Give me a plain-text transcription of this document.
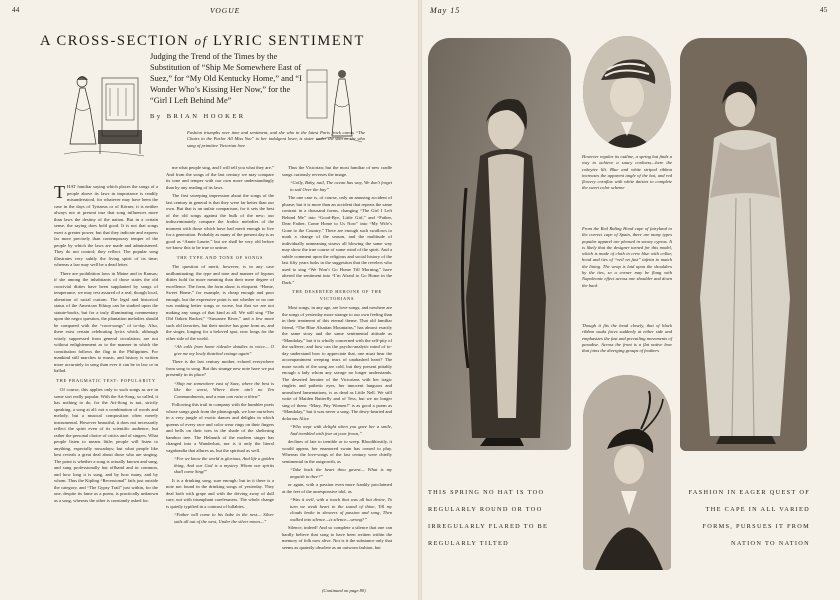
44	VOGUE
A CROSS-SECTION of LYRIC SENTIMENT
Judging the Trend of the Times by the Substitution of “Ship Me Somewhere East of Suez,” for “My Old Kentucky Home,” and “I Wonder Who’s Kissing Her Now,” for the “Girl I Left Behind Me”
By BRIAN HOOKER
Fashion triumphs over time and sentiment, and she who in the latest Paris frock carols “The Chairs in the Parlor All Miss You” to her indulgent lover, is sister under the skin to she who sang of primitive Victorian love

THAT familiar saying which places the songs of a people above its laws in importance is readily misunderstood, for whatever may have been the case in the days of Tyrtaeus or of Körner, it is neither always nor at present true that song influences more than laws the destiny of the nation. But in a certain sense, the saying does hold good. It is not that songs exert a greater power, but that they indicate and express far more precisely than contemporary temper of the people by which the laws are made and administered. They do not control; they reflect. The popular song illustrates very subtly the living spirit of its time; whereas a law may well be a dead letter.

There are prohibition laws in Maine and in Kansas; if she among the inhabitants of those states the old convivial ditties have been supplanted by songs of temperance, we may rest assured of a real, though local, alteration of racial custom. The legal and historical status of the American Ethiop can be studied upon the statute-books, but for a truly illuminating commentary upon the negro question, the plantation melodies should be compared with the “coon-songs” of to-day. Also, there exist certain celebrating lyrics which, although wisely suppressed from general circulation, are not without enlightenment as to the manner in which the constitution follows the flag in the Philippines. For mankind still marches to music, and history is written more accurately in song than ever it can be in law or in ballad.

THE PRAGMATIC TEST: POPULARITY

Of course, this applies only to such songs as are in some sort really popular. With the Art-Song, so called, it has nothing to do, for the Art-Song is not, strictly speaking, a song at all: not a combination of words and melody, but a musical composition often merely instrumental. However beautiful, it does not necessarily reflect the spirit even of its scientific audience, but rather the personal choice of critics and of singers. What people listen to means little; people will listen to anything, especially nowadays; but what people like best reveals a great deal about those who are singing. The point is whether a song is actually known and sung, and sung professionally but offhand and in common, and how long it is sung, and by how many, and by whom. Thus the Kipling “Recessional” fails just outside the category, and “The Gypsy Trail” just within, for the one, despite its fame as a poem, is practically unknown as a song, whereas the other is constantly asked for.

me what people sing, and I will tell you what they are.” And from the songs of the last century we may compare its tone and temper with our own more understandingly than by any reading of its laws.

The first sweeping impression about the songs of the last century in general is that they were far better than our own. But that is an unfair comparison, for it sets the best of the old songs against the bulk of the new; our indiscriminately compare the frothic melodies of the moment with those which have had merit enough to live for a generation. Probably as many of the present day is as good as “Annie Laurie,” but we shall be very old before we know this to be true or untrue.

THE TYPE AND TONE OF SONGS

The question of merit, however, is in any case unilluminating; the type and tone and manner of hypnos ditties hold far more meaning than their mere degree of excellence. The form, the form alone, is eloquent. “Home, Sweet Home,” for example, is cheap enough and poor enough, but the expressive point is not whether or no one was making better songs or worse, but that we are not making any songs of that kind at all. We still sing “The Old Oaken Bucket,” “Suwanee River,” and a few more such old favorites, but their motive has gone from us, and the singer, longing for a beloved spot, now longs for the other side of the world.

“Ah calls from home ridealer dandies to voice— O give me my lowly thatched cottage again”

There is the last century mother, echoed everywhere from song to song. But this strange new note have we put presently in its place?

“Ship me somewhere east of Suez, where the best is like the worst, Where there ain’t no Ten Commandments, and a man can raise a thirst”

Following this trail in company with the humbler poets whose songs gush from the phonograph, we lose ourselves in a very jungle of exotic dances and delights in which queens of every race and color wear rings on their fingers and bells on their toes in the shade of the sheltering bamboo tree. The Helmuth of the modern singer has changed into a Wanderlust, nor is it only the literal vagabondía that allures us, but the spiritual as well.

“For we know the world is glorious, And life a golden thing, And our God is a mystery Whom our spirits shall come Sing!”

It is a drinking song, sure enough; but in it there is a note not found in the drinking songs of yesterday. They deal both with grape and with the driving away of dull care, not with triumphant carelessness. The whole change is quietly typified in a contrast of lullabies.

“Father will come to his babe in the nest— Silver sails all out of the west, Under the silver moon—”

Thus the Victorian; but the most familiar of new cradle songs curiously reverses the image.

“Golly, Baby, nail, The ocean has way, We don’t forget to sail Over the bay”

The one case is, of course, only an amusing accident of phrase; but it is more than an accident that repeats the same contrast in a thousand forms, changing “The Girl I Left Behind Me” into “Good-Bye, Little Girl,” and “Father, Dear Father, Come Home to Us Now” into “My Wife’s Gone to the Country.” There are enough such swallows to mark a change of the season, and the multitude of individually unmeaning straws all blowing the same way may show the true course of some wind of the spirit. And a subtle comment upon the religious and social history of the last fifty years lurks in the suggestion that the revelers who used to sing “We Won’t Go Home Till Morning,” have altered the sentiment into “I’m Afraid to Go Home in the Dark.”

THE DESERTED HEROINE OF THE VICTORIANS

Most songs, in any age, are love-songs, and nowhere are the songs of yesterday more strange to our own feeling than in their treatment of this eternal theme. That old familiar friend, “The Blue Alsatian Mountains,” has almost exactly the same story and the same sentimental attitude as “Mandalay,” but it is wholly concerned with the self-pity of the sufferer; and how can the psycho-analytic mind of to-day understand how to appreciate that, one must hear the accompaniment weeping tears of unabashed heart? The more words of the song are cold, but they present pitiably enough a lady whom any savage no longer understands. The deserted heroine of the Victorians with her tragic ringlets and pathetic eyes, her innocent languors and unrealized lamentations, is as dead as Little Nell. We still write of Maiden Butterfly and of Tess, but we no longer sing of them: “Mary, Pity Women!” is as good a poem as “Mandalay,” but it was never a song. The dewy-hearted and dolorous Alice

“Who wept with delight when you gave her a smile, And trembled with fear at your frown,”

declines of late to tremble or to weep. Bloodthirstily, it would appear, her enamored swain has ceased to play. Whereas the love-songs of the last century were chiefly sentimental in the outgrowth, as

“Take back the heart thou gavest— What is my anguish to thee?”

or again, with a passion even more frankly proclaimed at the feet of the unresponsive idol, as

“Was it well, with a touch that was all but divine, To turn we weak heart to the sound of thine, Till my clouds broke in showers of passion and song, Then walked into silence—is silence—wrong?”

Silence, indeed! And so complete a silence that one can hardly believe that song to have been written within the memory of folk now alive. Nor is it the substance only that seems as quaintly obsolete as an outworn fashion, but

(Continued on page 80)
May 15	45
However regular its outline, a spring hat finds a way to achieve a saucy coolness—here the cokeytee lilt. Blue and white striped ribbon increases the apparent angle of the hat, and red flowery cornflax with white daisies to complete the sweet color scheme
From the Red Riding Hood cape of fairyland to the correct cape of Spain, there are many types popular apparel are pleased in snowy cyprus. It is likely that the designer turned for this model, which is made of cloth in crew blue with collar, hood and ties of “veil on fast” tafetta to match the lining. The wrap is laid upon the shoulders by the ties, so a corner may be flung with Napoleonic effect across one shoulder and down the back
Though it fits the head closely, that of black ribbon soaks faces suddenly at either side and emphasizes the fast and prevailing movements of paradise. Across the front is a flat native bow that joins the diverging groups of feathers
THIS SPRING NO HAT IS TOO REGULARLY ROUND OR TOO IRREGULARLY FLARED TO BE REGULARLY TILTED
FASHION IN EAGER QUEST OF THE CAPE IN ALL VARIED FORMS, PURSUES IT FROM NATION TO NATION
